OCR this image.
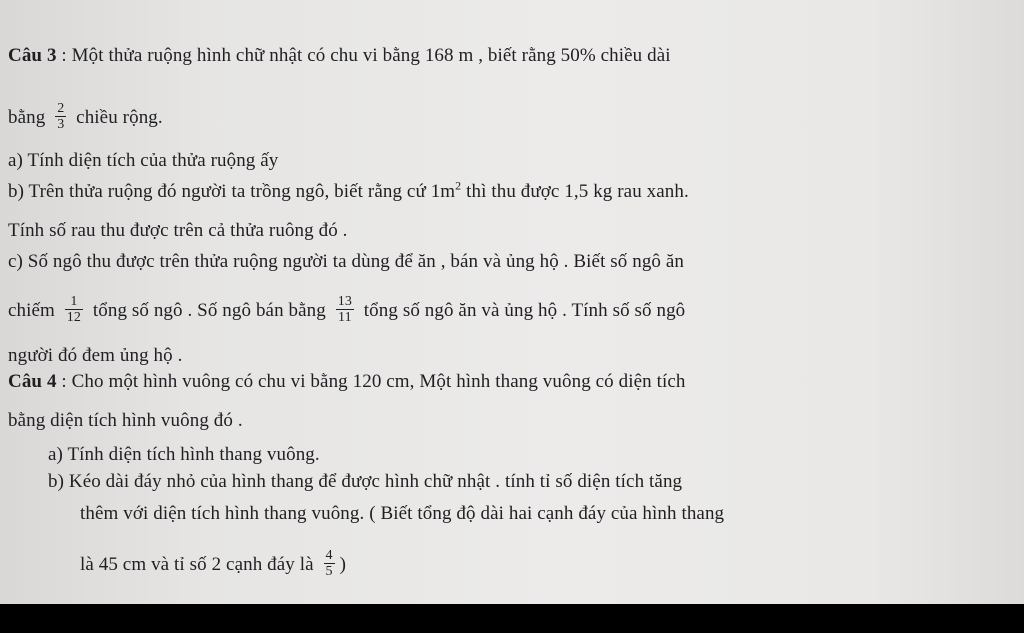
Câu 3 : Một thửa ruộng hình chữ nhật có chu vi bằng 168 m , biết rằng 50% chiều dài
bằng $\frac{2}{3}$ chiều rộng.
a) Tính diện tích của thửa ruộng ấy
b) Trên thửa ruộng đó người ta trồng ngô, biết rằng cứ $1m^2$ thì thu được 1,5 kg rau xanh.
Tính số rau thu được trên cả thửa ruông đó .
c) Số ngô thu được trên thửa ruộng người ta dùng để ăn , bán và ủng hộ . Biết số ngô ăn
chiếm $\frac{1}{12}$ tổng số ngô . Số ngô bán bằng $\frac{13}{11}$ tổng số ngô ăn và ủng hộ . Tính số số ngô
người đó đem ủng hộ .
Câu 4 : Cho một hình vuông có chu vi bằng 120 cm, Một hình thang vuông có diện tích
bằng diện tích hình vuông đó .
a) Tính diện tích hình thang vuông.
b) Kéo dài đáy nhỏ của hình thang để được hình chữ nhật . tính tỉ số diện tích tăng
thêm với diện tích hình thang vuông. ( Biết tổng độ dài hai cạnh đáy của hình thang
là 45 cm và tỉ số 2 cạnh đáy là $\frac{4}{5}$ )
